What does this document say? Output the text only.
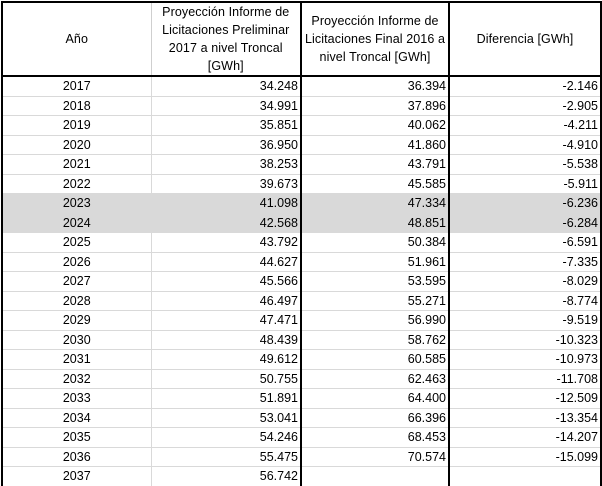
Año	Proyección Informe de Licitaciones Preliminar 2017 a nivel Troncal [GWh]	Proyección Informe de Licitaciones Final 2016 a nivel Troncal [GWh]	Diferencia [GWh]
2017	34.248	36.394	-2.146
2018	34.991	37.896	-2.905
2019	35.851	40.062	-4.211
2020	36.950	41.860	-4.910
2021	38.253	43.791	-5.538
2022	39.673	45.585	-5.911
2023	41.098	47.334	-6.236
2024	42.568	48.851	-6.284
2025	43.792	50.384	-6.591
2026	44.627	51.961	-7.335
2027	45.566	53.595	-8.029
2028	46.497	55.271	-8.774
2029	47.471	56.990	-9.519
2030	48.439	58.762	-10.323
2031	49.612	60.585	-10.973
2032	50.755	62.463	-11.708
2033	51.891	64.400	-12.509
2034	53.041	66.396	-13.354
2035	54.246	68.453	-14.207
2036	55.475	70.574	-15.099
2037	56.742		
